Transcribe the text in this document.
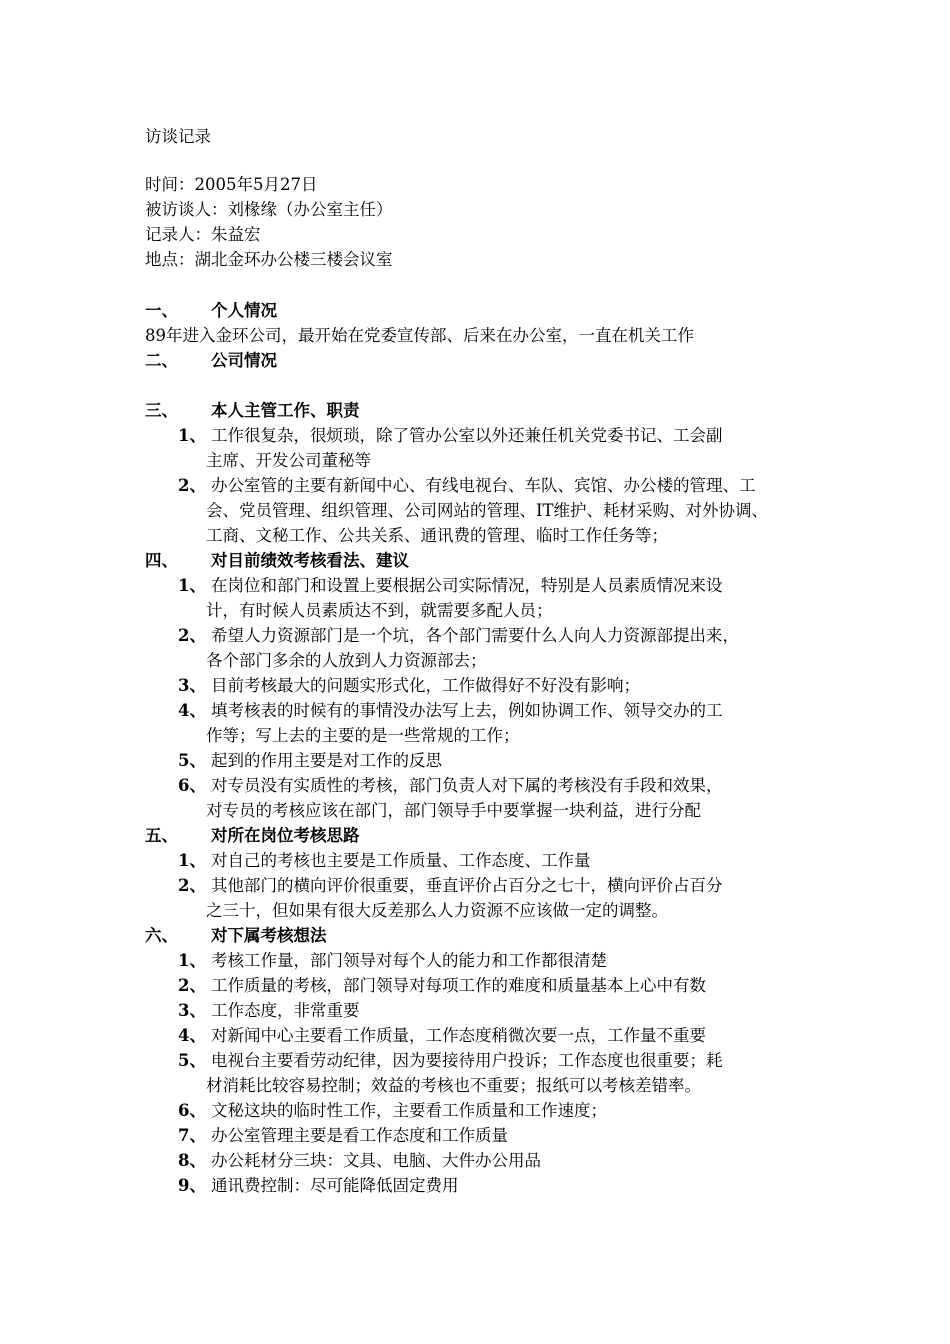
访谈记录
时间：2005年5月27日
被访谈人：刘椽缘（办公室主任）
记录人：朱益宏
地点：湖北金环办公楼三楼会议室
一、 个人情况
89年进入金环公司，最开始在党委宣传部、后来在办公室，一直在机关工作
二、 公司情况
三、 本人主管工作、职责
1、 工作很复杂，很烦琐，除了管办公室以外还兼任机关党委书记、工会副
主席、开发公司董秘等
2、 办公室管的主要有新闻中心、有线电视台、车队、宾馆、办公楼的管理、工
会、党员管理、组织管理、公司网站的管理、IT维护、耗材采购、对外协调、
工商、文秘工作、公共关系、通讯费的管理、临时工作任务等；
四、 对目前绩效考核看法、建议
1、 在岗位和部门和设置上要根据公司实际情况，特别是人员素质情况来设
计，有时候人员素质达不到，就需要多配人员；
2、 希望人力资源部门是一个坑，各个部门需要什么人向人力资源部提出来，
各个部门多余的人放到人力资源部去；
3、 目前考核最大的问题实形式化，工作做得好不好没有影响；
4、 填考核表的时候有的事情没办法写上去，例如协调工作、领导交办的工
作等；写上去的主要的是一些常规的工作；
5、 起到的作用主要是对工作的反思
6、 对专员没有实质性的考核，部门负责人对下属的考核没有手段和效果，
对专员的考核应该在部门，部门领导手中要掌握一块利益，进行分配
五、 对所在岗位考核思路
1、 对自己的考核也主要是工作质量、工作态度、工作量
2、 其他部门的横向评价很重要，垂直评价占百分之七十，横向评价占百分
之三十，但如果有很大反差那么人力资源不应该做一定的调整。
六、 对下属考核想法
1、 考核工作量，部门领导对每个人的能力和工作都很清楚
2、 工作质量的考核，部门领导对每项工作的难度和质量基本上心中有数
3、 工作态度，非常重要
4、 对新闻中心主要看工作质量，工作态度稍微次要一点，工作量不重要
5、 电视台主要看劳动纪律，因为要接待用户投诉；工作态度也很重要；耗
材消耗比较容易控制；效益的考核也不重要；报纸可以考核差错率。
6、 文秘这块的临时性工作，主要看工作质量和工作速度；
7、 办公室管理主要是看工作态度和工作质量
8、 办公耗材分三块：文具、电脑、大件办公用品
9、 通讯费控制：尽可能降低固定费用
